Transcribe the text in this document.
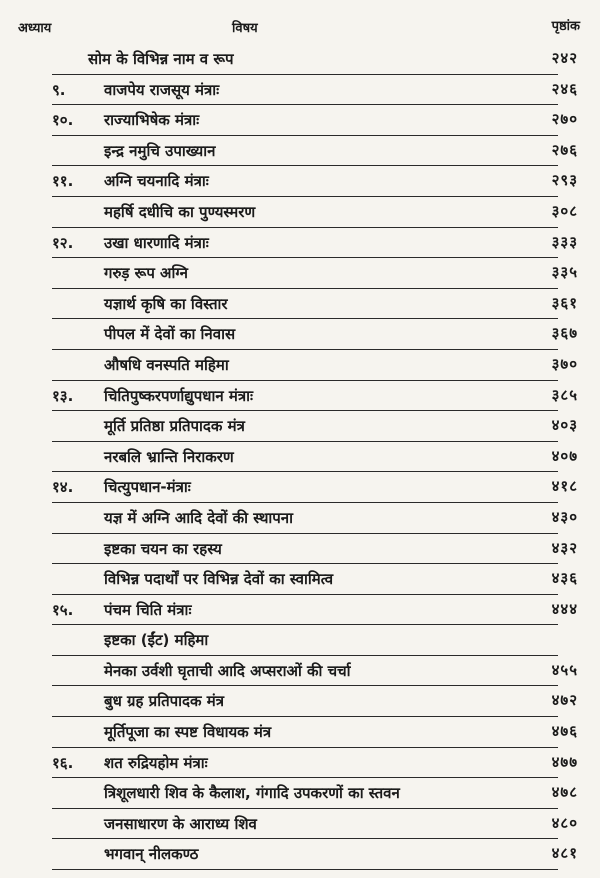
अध्याय	विषय	पृष्ठांक
सोम के विभिन्न नाम व रूप	२४२
९.	वाजपेय राजसूय मंत्राः	२४६
१०. राज्याभिषेक मंत्राः	२७०
इन्द्र नमुचि उपाख्यान	२७६
११. अग्नि चयनादि मंत्राः	२९३
महर्षि दधीचि का पुण्यस्मरण	३०८
१२. उखा धारणादि मंत्राः	३३३
गरुड़ रूप अग्नि	३३५
यज्ञार्थ कृषि का विस्तार	३६१
पीपल में देवों का निवास	३६७
औषधि वनस्पति महिमा	३७०
१३. चितिपुष्करपर्णाद्युपधान मंत्राः	३८५
मूर्ति प्रतिष्ठा प्रतिपादक मंत्र	४०३
नरबलि भ्रान्ति निराकरण	४०७
१४. चित्युपधान-मंत्राः	४१८
यज्ञ में अग्नि आदि देवों की स्थापना	४३०
इष्टका चयन का रहस्य	४३२
विभिन्न पदार्थों पर विभिन्न देवों का स्वामित्व	४३६
१५. पंचम चिति मंत्राः	४४४
इष्टका (ईंट) महिमा
मेनका उर्वशी घृताची आदि अप्सराओं की चर्चा	४५५
बुध ग्रह प्रतिपादक मंत्र	४७२
मूर्तिपूजा का स्पष्ट विधायक मंत्र	४७६
१६. शत रुद्रियहोम मंत्राः	४७७
त्रिशूलधारी शिव के कैलाश, गंगादि उपकरणों का स्तवन	४७८
जनसाधारण के आराध्य शिव	४८०
भगवान् नीलकण्ठ	४८१
